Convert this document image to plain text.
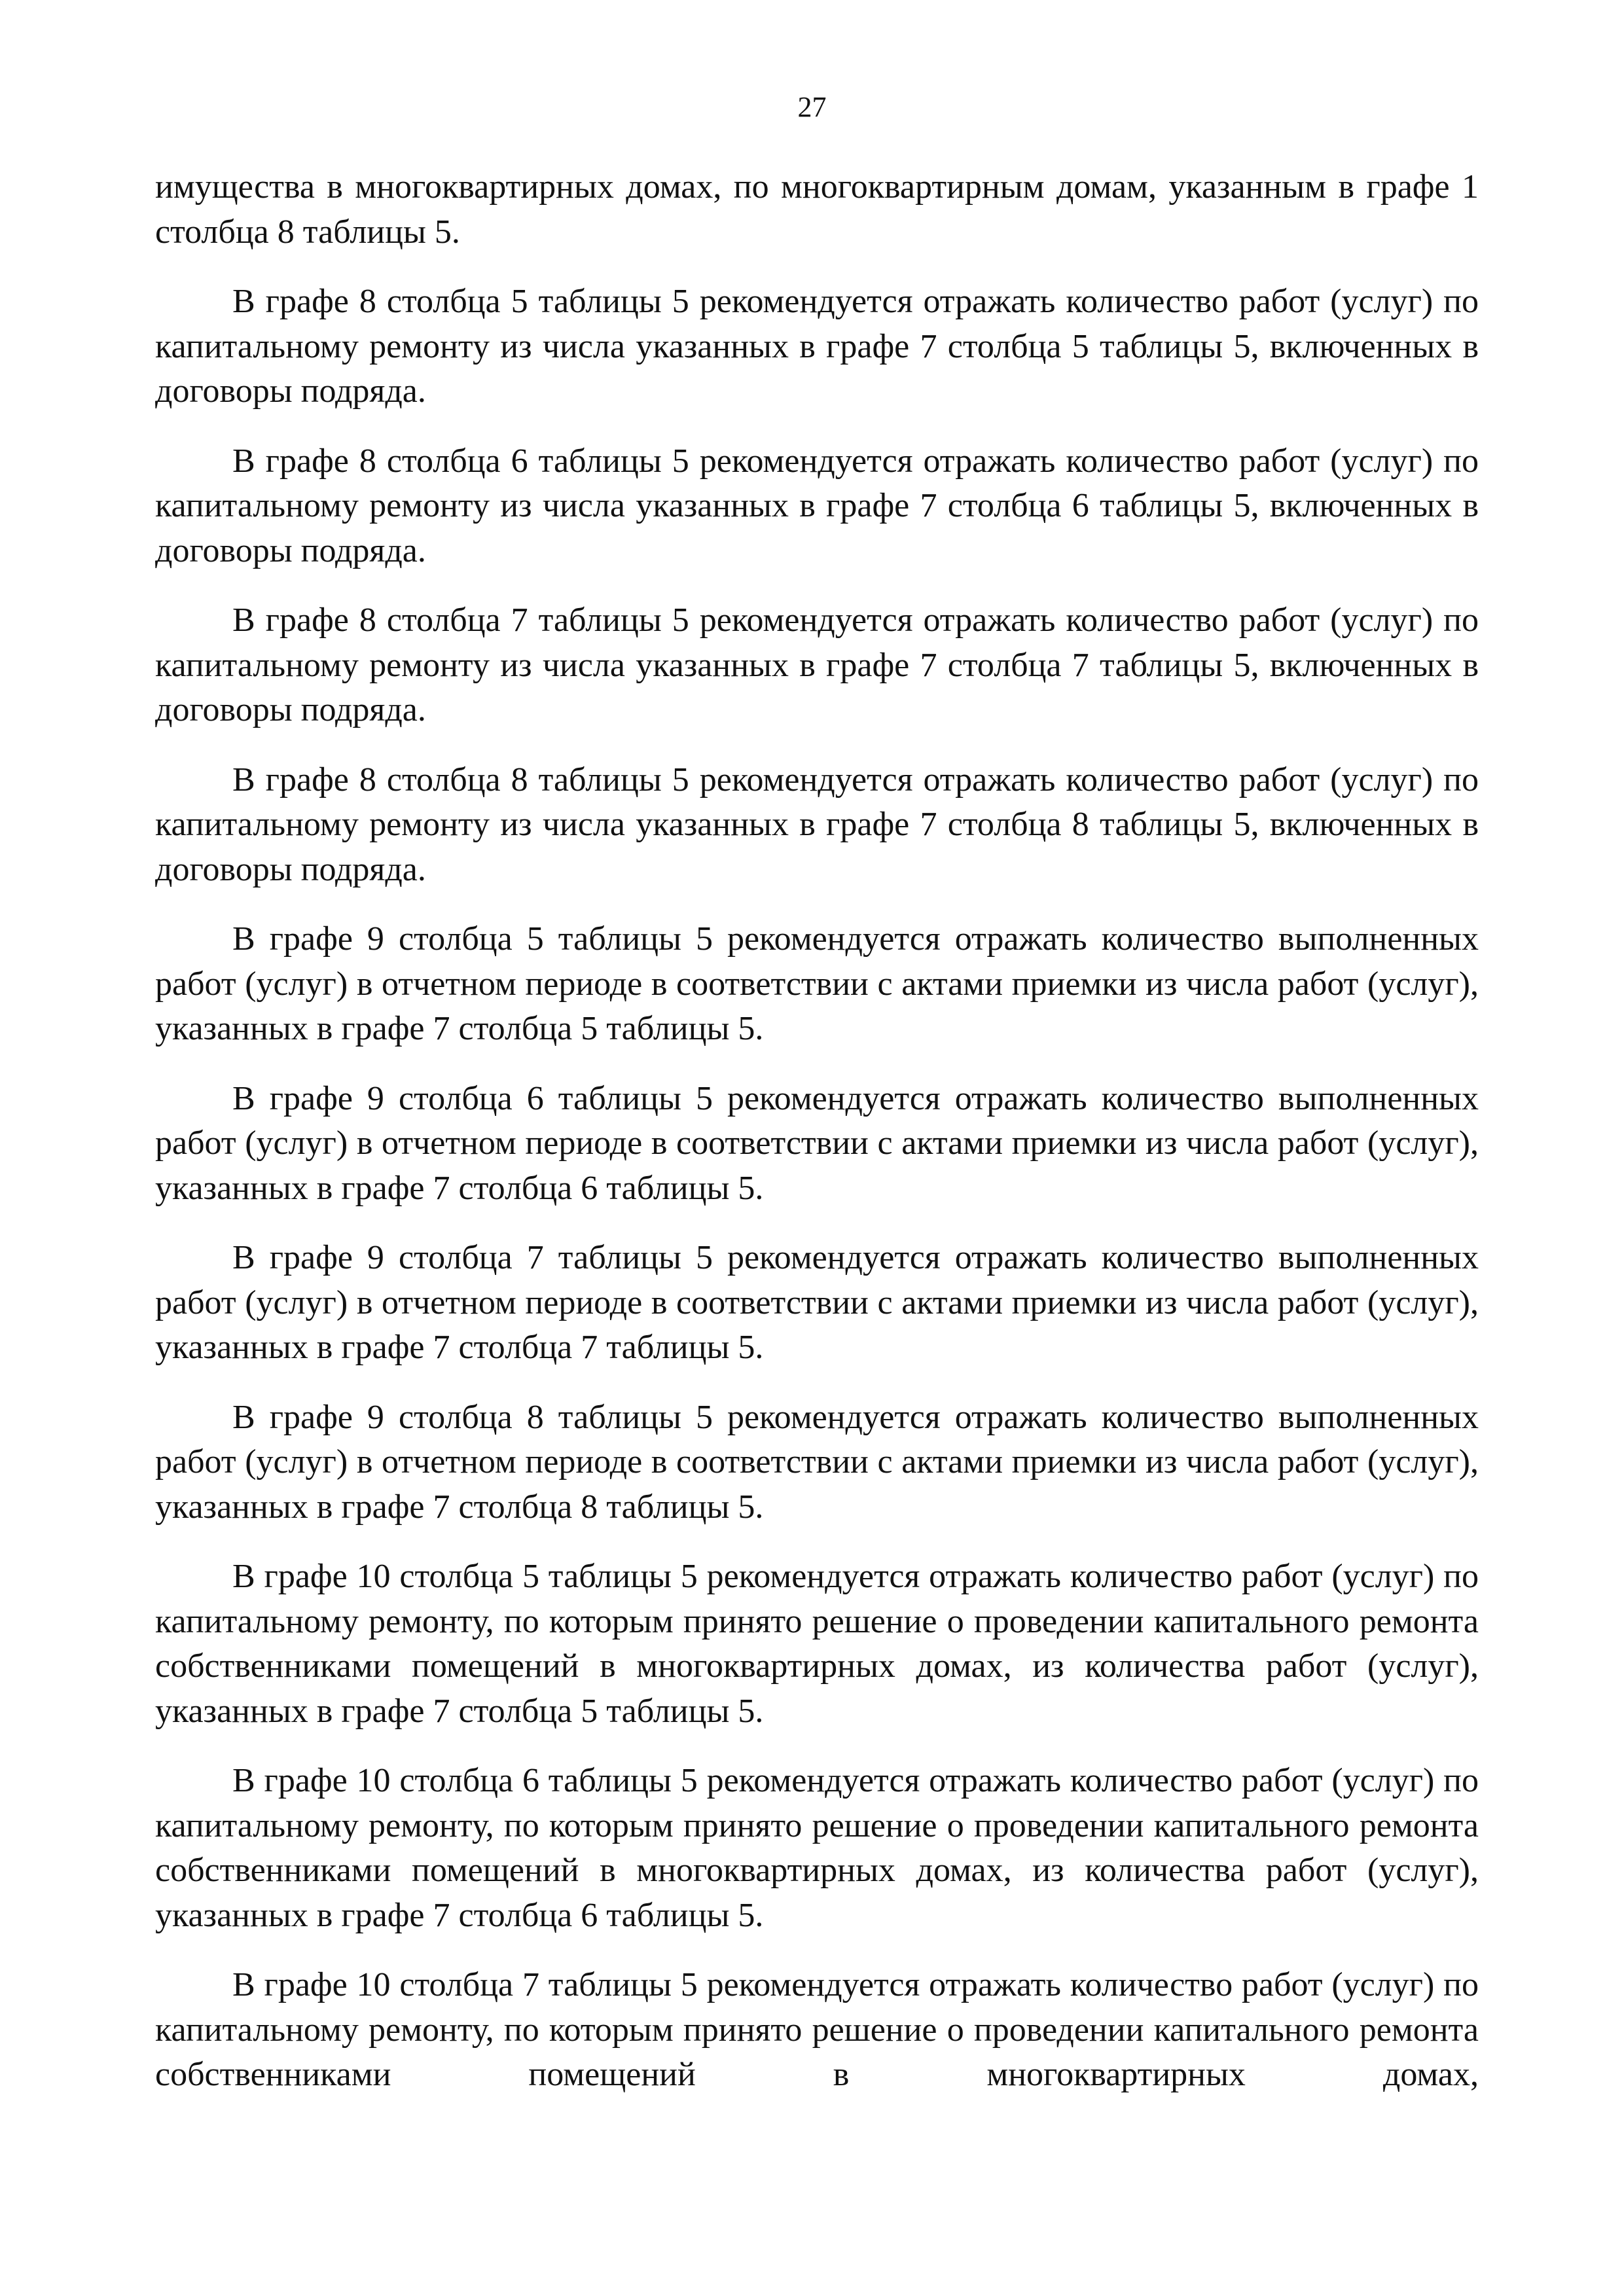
27

имущества в многоквартирных домах, по многоквартирным домам, указанным в графе 1 столбца 8 таблицы 5.

В графе 8 столбца 5 таблицы 5 рекомендуется отражать количество работ (услуг) по капитальному ремонту из числа указанных в графе 7 столбца 5 таблицы 5, включенных в договоры подряда.

В графе 8 столбца 6 таблицы 5 рекомендуется отражать количество работ (услуг) по капитальному ремонту из числа указанных в графе 7 столбца 6 таблицы 5, включенных в договоры подряда.

В графе 8 столбца 7 таблицы 5 рекомендуется отражать количество работ (услуг) по капитальному ремонту из числа указанных в графе 7 столбца 7 таблицы 5, включенных в договоры подряда.

В графе 8 столбца 8 таблицы 5 рекомендуется отражать количество работ (услуг) по капитальному ремонту из числа указанных в графе 7 столбца 8 таблицы 5, включенных в договоры подряда.

В графе 9 столбца 5 таблицы 5 рекомендуется отражать количество выполненных работ (услуг) в отчетном периоде в соответствии с актами приемки из числа работ (услуг), указанных в графе 7 столбца 5 таблицы 5.

В графе 9 столбца 6 таблицы 5 рекомендуется отражать количество выполненных работ (услуг) в отчетном периоде в соответствии с актами приемки из числа работ (услуг), указанных в графе 7 столбца 6 таблицы 5.

В графе 9 столбца 7 таблицы 5 рекомендуется отражать количество выполненных работ (услуг) в отчетном периоде в соответствии с актами приемки из числа работ (услуг), указанных в графе 7 столбца 7 таблицы 5.

В графе 9 столбца 8 таблицы 5 рекомендуется отражать количество выполненных работ (услуг) в отчетном периоде в соответствии с актами приемки из числа работ (услуг), указанных в графе 7 столбца 8 таблицы 5.

В графе 10 столбца 5 таблицы 5 рекомендуется отражать количество работ (услуг) по капитальному ремонту, по которым принято решение о проведении капитального ремонта собственниками помещений в многоквартирных домах, из количества работ (услуг), указанных в графе 7 столбца 5 таблицы 5.

В графе 10 столбца 6 таблицы 5 рекомендуется отражать количество работ (услуг) по капитальному ремонту, по которым принято решение о проведении капитального ремонта собственниками помещений в многоквартирных домах, из количества работ (услуг), указанных в графе 7 столбца 6 таблицы 5.

В графе 10 столбца 7 таблицы 5 рекомендуется отражать количество работ (услуг) по капитальному ремонту, по которым принято решение о проведении капитального ремонта собственниками помещений в многоквартирных домах,
